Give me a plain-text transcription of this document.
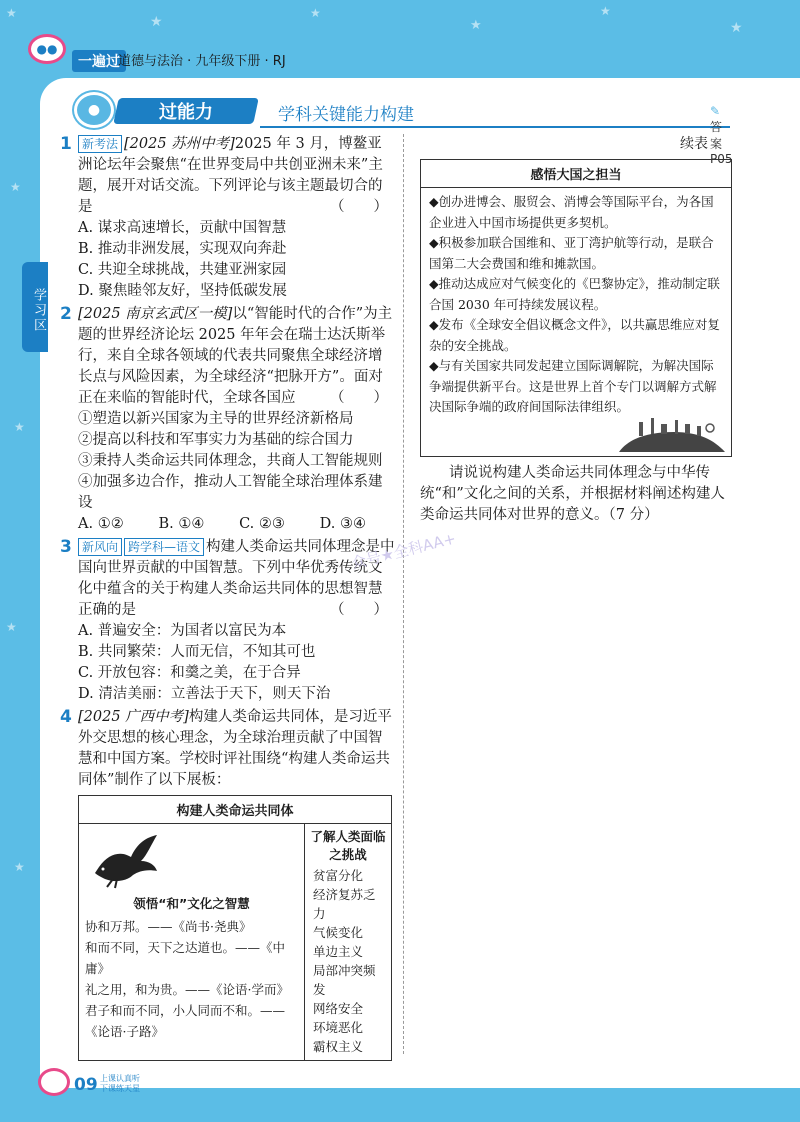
★
★
★
★
★
★
★
★
★
★
●●
一遍过
道德与法治 · 九年级下册 · RJ
学习区
●	过能力	学科关键能力构建	✎答案 P05
1 新考法 [2025 苏州中考]2025 年 3 月，博鳌亚洲论坛年会聚焦“在世界变局中共创亚洲未来”主题，展开对话交流。下列评论与该主题最切合的是	（　　）
A. 谋求高速增长，贡献中国智慧
B. 推动非洲发展，实现双向奔赴
C. 共迎全球挑战，共建亚洲家园
D. 聚焦睦邻友好，坚持低碳发展
2 [2025 南京玄武区一模]以“智能时代的合作”为主题的世界经济论坛 2025 年年会在瑞士达沃斯举行，来自全球各领域的代表共同聚焦全球经济增长点与风险因素，为全球经济“把脉开方”。面对正在来临的智能时代，全球各国应 （　　）
①塑造以新兴国家为主导的世界经济新格局
②提高以科技和军事实力为基础的综合国力
③秉持人类命运共同体理念，共商人工智能规则
④加强多边合作，推动人工智能全球治理体系建设
A. ①② B. ①④ C. ②③ D. ③④
3 新风向 跨学科—语文 构建人类命运共同体理念是中国向世界贡献的中国智慧。下列中华优秀传统文化中蕴含的关于构建人类命运共同体的思想智慧正确的是	（　　）
A. 普遍安全：为国者以富民为本
B. 共同繁荣：人而无信，不知其可也
C. 开放包容：和羹之美，在于合异
D. 清洁美丽：立善法于天下，则天下治
4 [2025 广西中考]构建人类命运共同体，是习近平外交思想的核心理念，为全球治理贡献了中国智慧和中国方案。学校时评社围绕“构建人类命运共同体”制作了以下展板：
构建人类命运共同体
领悟“和”文化之智慧
协和万邦。——《尚书·尧典》
和而不同，天下之达道也。——《中庸》
礼之用，和为贵。——《论语·学而》
君子和而不同，小人同而不和。——《论语·子路》
了解人类面临之挑战
贫富分化
经济复苏乏力
气候变化
单边主义
局部冲突频发
网络安全
环境恶化
霸权主义
续表
感悟大国之担当
◆创办进博会、服贸会、消博会等国际平台，为各国企业进入中国市场提供更多契机。
◆积极参加联合国维和、亚丁湾护航等行动，是联合国第二大会费国和维和摊款国。
◆推动达成应对气候变化的《巴黎协定》，推动制定联合国 2030 年可持续发展议程。
◆发布《全球安全倡议概念文件》，以共赢思维应对复杂的安全挑战。
◆与有关国家共同发起建立国际调解院，为解决国际争端提供新平台。这是世界上首个专门以调解方式解决国际争端的政府间国际法律组织。
请说说构建人类命运共同体理念与中华传统“和”文化之间的关系，并根据材料阐述构建人类命运共同体对世界的意义。（7 分）
众号★全科AA+
09 上课认真听
下课练天星
